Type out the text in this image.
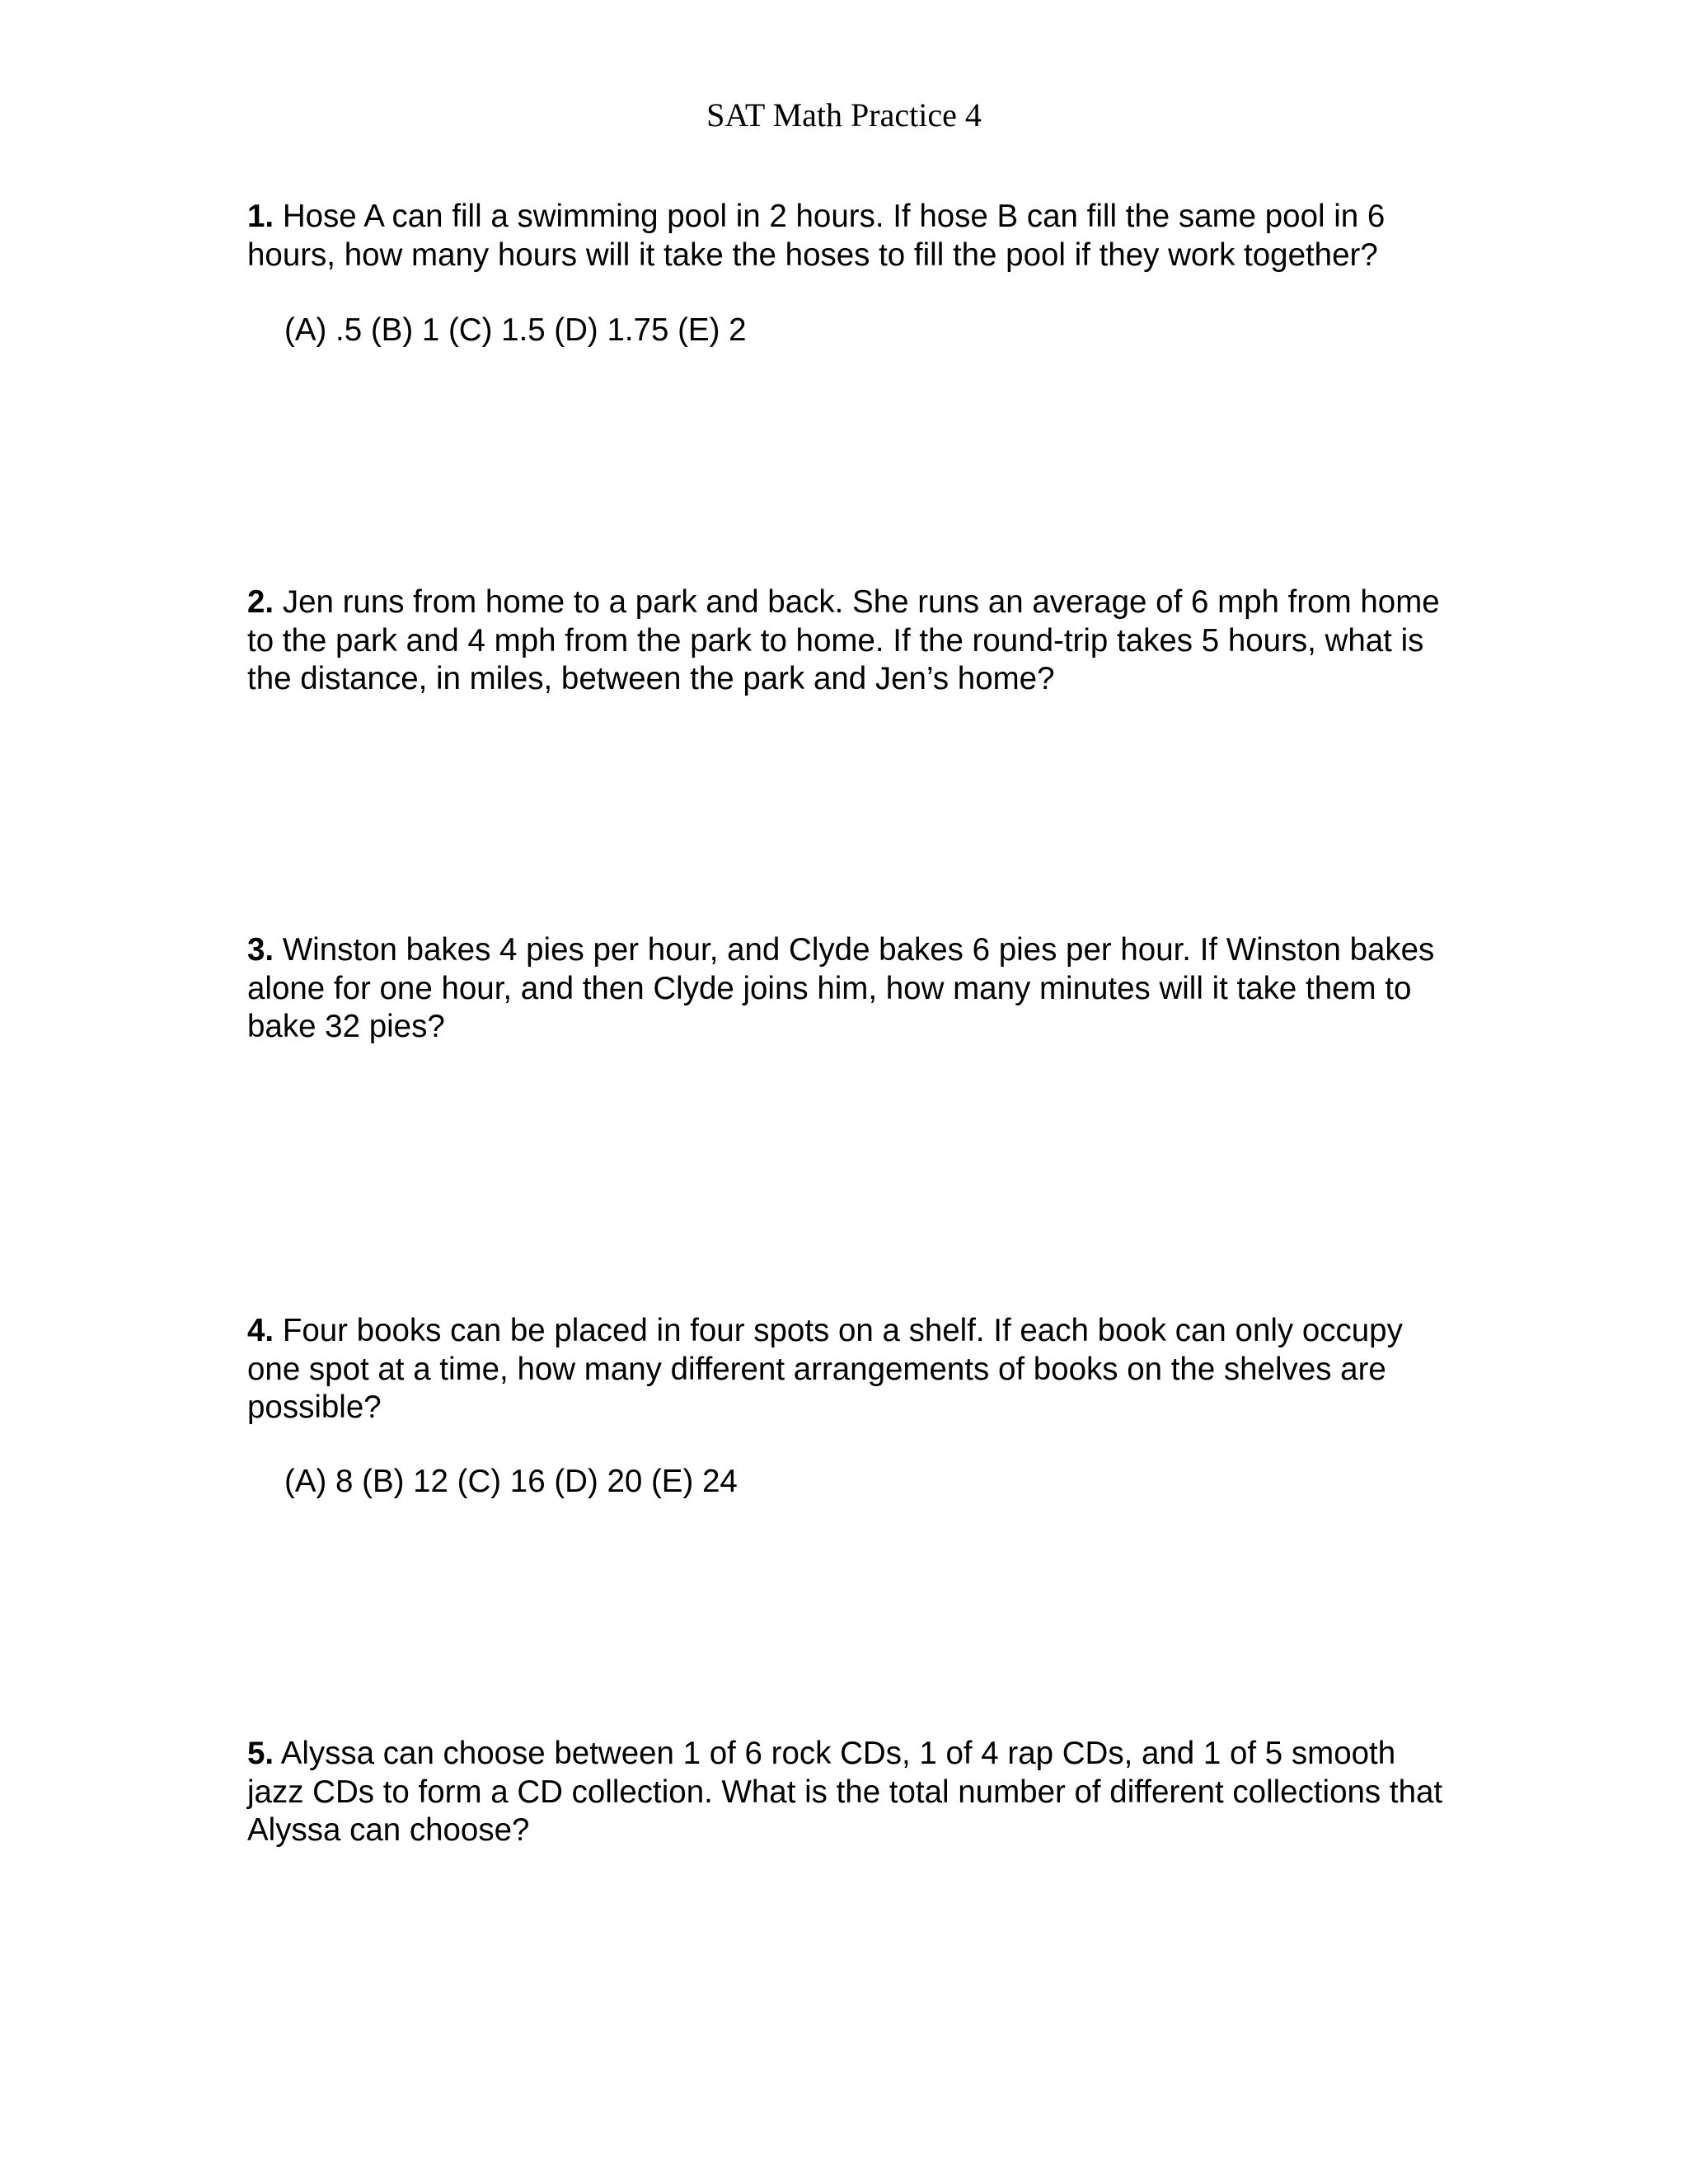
SAT Math Practice 4
1. Hose A can fill a swimming pool in 2 hours. If hose B can fill the same pool in 6 hours, how many hours will it take the hoses to fill the pool if they work together?
(A) .5 (B) 1 (C) 1.5 (D) 1.75 (E) 2
2. Jen runs from home to a park and back. She runs an average of 6 mph from home to the park and 4 mph from the park to home. If the round-trip takes 5 hours, what is the distance, in miles, between the park and Jen’s home?
3. Winston bakes 4 pies per hour, and Clyde bakes 6 pies per hour. If Winston bakes alone for one hour, and then Clyde joins him, how many minutes will it take them to bake 32 pies?
4. Four books can be placed in four spots on a shelf. If each book can only occupy one spot at a time, how many different arrangements of books on the shelves are possible?
(A) 8 (B) 12 (C) 16 (D) 20 (E) 24
5. Alyssa can choose between 1 of 6 rock CDs, 1 of 4 rap CDs, and 1 of 5 smooth jazz CDs to form a CD collection. What is the total number of different collections that Alyssa can choose?
